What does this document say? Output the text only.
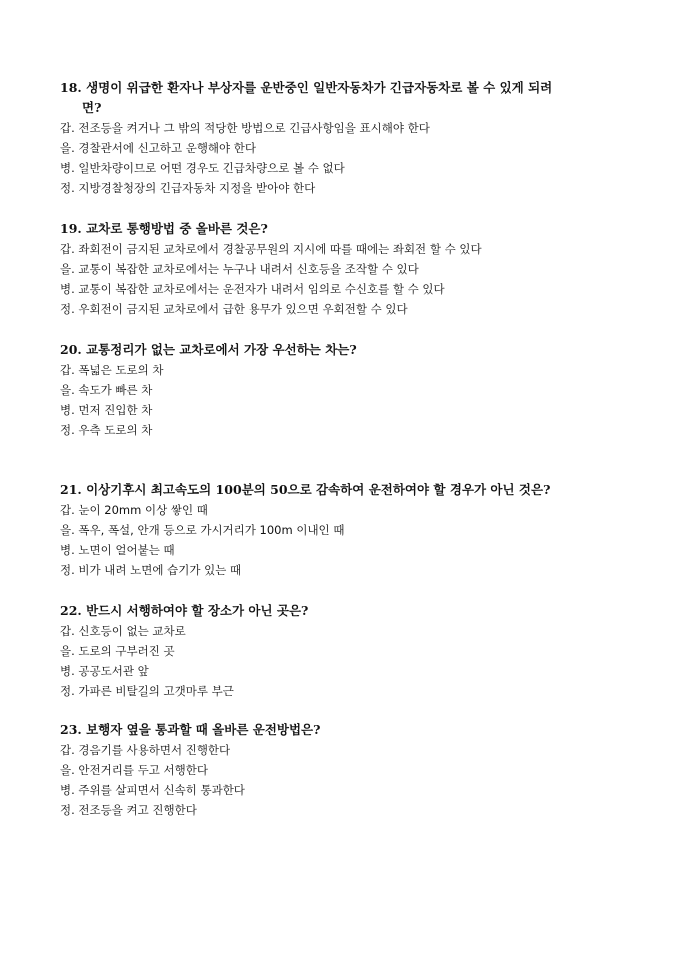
18. 생명이 위급한 환자나 부상자를 운반중인 일반자동차가 긴급자동차로 볼 수 있게 되려
면?

갑. 전조등을 켜거나 그 밖의 적당한 방법으로 긴급사항임을 표시해야 한다

을. 경찰관서에 신고하고 운행해야 한다

병. 일반차량이므로 어떤 경우도 긴급차량으로 볼 수 없다

정. 지방경찰청장의 긴급자동차 지정을 받아야 한다

19. 교차로 통행방법 중 올바른 것은?

갑. 좌회전이 금지된 교차로에서 경찰공무원의 지시에 따를 때에는 좌회전 할 수 있다

을. 교통이 복잡한 교차로에서는 누구나 내려서 신호등을 조작할 수 있다

병. 교통이 복잡한 교차로에서는 운전자가 내려서 임의로 수신호를 할 수 있다

정. 우회전이 금지된 교차로에서 급한 용무가 있으면 우회전할 수 있다

20. 교통정리가 없는 교차로에서 가장 우선하는 차는?

갑. 폭넓은 도로의 차

을. 속도가 빠른 차

병. 먼저 진입한 차

정. 우측 도로의 차

21. 이상기후시 최고속도의 100분의 50으로 감속하여 운전하여야 할 경우가 아닌 것은?

갑. 눈이 20mm 이상 쌓인 때

을. 폭우, 폭설, 안개 등으로 가시거리가 100m 이내인 때

병. 노면이 얼어붙는 때

정. 비가 내려 노면에 습기가 있는 때

22. 반드시 서행하여야 할 장소가 아닌 곳은?

갑. 신호등이 없는 교차로

을. 도로의 구부러진 곳

병. 공공도서관 앞

정. 가파른 비탈길의 고갯마루 부근

23. 보행자 옆을 통과할 때 올바른 운전방법은?

갑. 경음기를 사용하면서 진행한다

을. 안전거리를 두고 서행한다

병. 주위를 살피면서 신속히 통과한다

정. 전조등을 켜고 진행한다
